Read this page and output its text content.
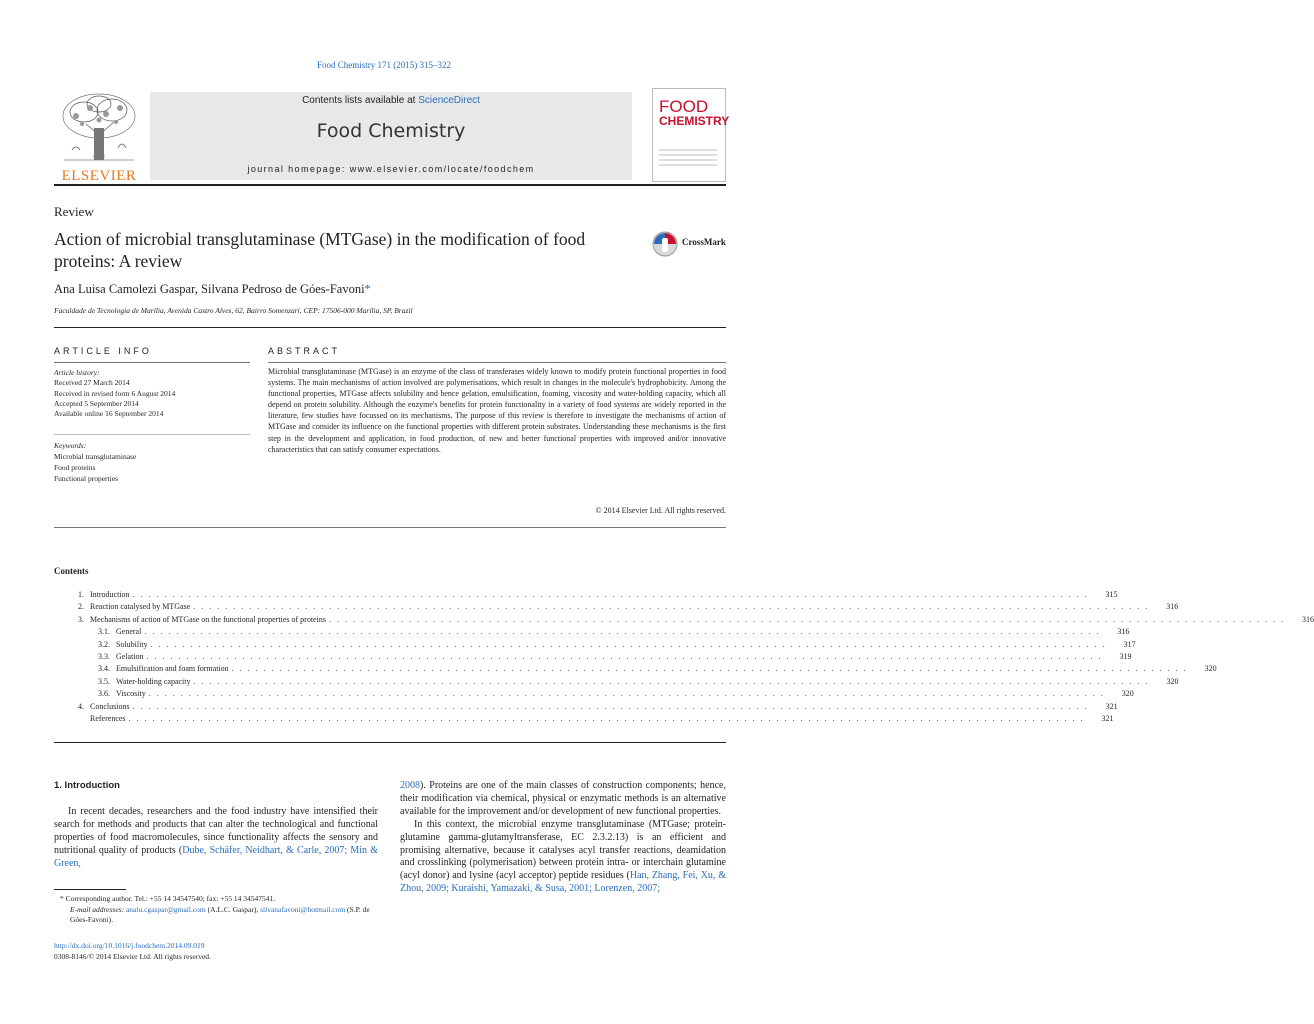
Food Chemistry 171 (2015) 315–322
ELSEVIER
Contents lists available at ScienceDirect
Food Chemistry
journal homepage: www.elsevier.com/locate/foodchem
FOOD
CHEMISTRY
Review
Action of microbial transglutaminase (MTGase) in the modification of food proteins: A review
CrossMark
Ana Luisa Camolezi Gaspar, Silvana Pedroso de Góes-Favoni*
Faculdade de Tecnologia de Marília, Avenida Castro Alves, 62, Bairro Somenzari, CEP: 17506-000 Marília, SP, Brazil
ARTICLE INFO	ABSTRACT
Article history:
Received 27 March 2014
Received in revised form 6 August 2014
Accepted 5 September 2014
Available online 16 September 2014
Keywords:
Microbial transglutaminase
Food proteins
Functional properties
Microbial transglutaminase (MTGase) is an enzyme of the class of transferases widely known to modify protein functional properties in food systems. The main mechanisms of action involved are polymerisations, which result in changes in the molecule's hydrophobicity. Among the functional properties, MTGase affects solubility and hence gelation, emulsification, foaming, viscosity and water-holding capacity, which all depend on protein solubility. Although the enzyme's benefits for protein functionality in a variety of food systems are widely reported in the literature, few studies have focussed on its mechanisms. The purpose of this review is therefore to investigate the mechanisms of action of MTGase and consider its influence on the functional properties with different protein substrates. Understanding these mechanisms is the first step in the development and application, in food production, of new and better functional properties with improved and/or innovative characteristics that can satisfy consumer expectations.
© 2014 Elsevier Ltd. All rights reserved.
Contents
1. Introduction . . . . . . . . . . . . . . . . . . . . . . . . . . . . . . . . . . . . . . . . . . . . . . . . . . . . . . . . . . . . . . . . . . . . . . . . . . . . . . . . . . . . . . . . . . . . . . . . . . . . . . . . . . . . . . . . . . . . . . . .	315
2. Reaction catalysed by MTGase . . . . . . . . . . . . . . . . . . . . . . . . . . . . . . . . . . . . . . . . . . . . . . . . . . . . . . . . . . . . . . . . . . . . . . . . . . . . . . . . . . . . . . . . . . . . . . . . . . . . . . . . . . . . . . . . . . . . . . . .	316
3. Mechanisms of action of MTGase on the functional properties of proteins . . . . . . . . . . . . . . . . . . . . . . . . . . . . . . . . . . . . . . . . . . . . . . . . . . . . . . . . . . . . . . . . . . . . . . . . . . . . . . . . . . . . . . . . . . . . . . . . . . . . . . . . . . . . . . . . . . . . . . . .	316
3.1. General . . . . . . . . . . . . . . . . . . . . . . . . . . . . . . . . . . . . . . . . . . . . . . . . . . . . . . . . . . . . . . . . . . . . . . . . . . . . . . . . . . . . . . . . . . . . . . . . . . . . . . . . . . . . . . . . . . . . . . . .	316
3.2. Solubility . . . . . . . . . . . . . . . . . . . . . . . . . . . . . . . . . . . . . . . . . . . . . . . . . . . . . . . . . . . . . . . . . . . . . . . . . . . . . . . . . . . . . . . . . . . . . . . . . . . . . . . . . . . . . . . . . . . . . . . .	317
3.3. Gelation . . . . . . . . . . . . . . . . . . . . . . . . . . . . . . . . . . . . . . . . . . . . . . . . . . . . . . . . . . . . . . . . . . . . . . . . . . . . . . . . . . . . . . . . . . . . . . . . . . . . . . . . . . . . . . . . . . . . . . . .	319
3.4. Emulsification and foam formation . . . . . . . . . . . . . . . . . . . . . . . . . . . . . . . . . . . . . . . . . . . . . . . . . . . . . . . . . . . . . . . . . . . . . . . . . . . . . . . . . . . . . . . . . . . . . . . . . . . . . . . . . . . . . . . . . . . . . . . .	320
3.5. Water-holding capacity . . . . . . . . . . . . . . . . . . . . . . . . . . . . . . . . . . . . . . . . . . . . . . . . . . . . . . . . . . . . . . . . . . . . . . . . . . . . . . . . . . . . . . . . . . . . . . . . . . . . . . . . . . . . . . . . . . . . . . . .	320
3.6. Viscosity . . . . . . . . . . . . . . . . . . . . . . . . . . . . . . . . . . . . . . . . . . . . . . . . . . . . . . . . . . . . . . . . . . . . . . . . . . . . . . . . . . . . . . . . . . . . . . . . . . . . . . . . . . . . . . . . . . . . . . . .	320
4. Conclusions . . . . . . . . . . . . . . . . . . . . . . . . . . . . . . . . . . . . . . . . . . . . . . . . . . . . . . . . . . . . . . . . . . . . . . . . . . . . . . . . . . . . . . . . . . . . . . . . . . . . . . . . . . . . . . . . . . . . . . . .	321
References . . . . . . . . . . . . . . . . . . . . . . . . . . . . . . . . . . . . . . . . . . . . . . . . . . . . . . . . . . . . . . . . . . . . . . . . . . . . . . . . . . . . . . . . . . . . . . . . . . . . . . . . . . . . . . . . . . . . . . . .	321
1. Introduction
In recent decades, researchers and the food industry have intensified their search for methods and products that can alter the technological and functional properties of food macromolecules, since functionality affects the sensory and nutritional quality of products (Dube, Schäfer, Neidhart, & Carle, 2007; Min & Green,
2008). Proteins are one of the main classes of construction components; hence, their modification via chemical, physical or enzymatic methods is an alternative available for the improvement and/or development of new functional properties.
In this context, the microbial enzyme transglutaminase (MTGase; protein-glutamine gamma-glutamyltransferase, EC 2.3.2.13) is an efficient and promising alternative, because it catalyses acyl transfer reactions, deamidation and crosslinking (polymerisation) between protein intra- or interchain glutamine (acyl donor) and lysine (acyl acceptor) peptide residues (Han, Zhang, Fei, Xu, & Zhou, 2009; Kuraishi, Yamazaki, & Susa, 2001; Lorenzen, 2007;
* Corresponding author. Tel.: +55 14 34547540; fax: +55 14 34547541.
E-mail addresses: analu.cgaspar@gmail.com (A.L.C. Gaspar), silvanafavoni@hotmail.com (S.P. de Góes-Favoni).
http://dx.doi.org/10.1016/j.foodchem.2014.09.019
0308-8146/© 2014 Elsevier Ltd. All rights reserved.
